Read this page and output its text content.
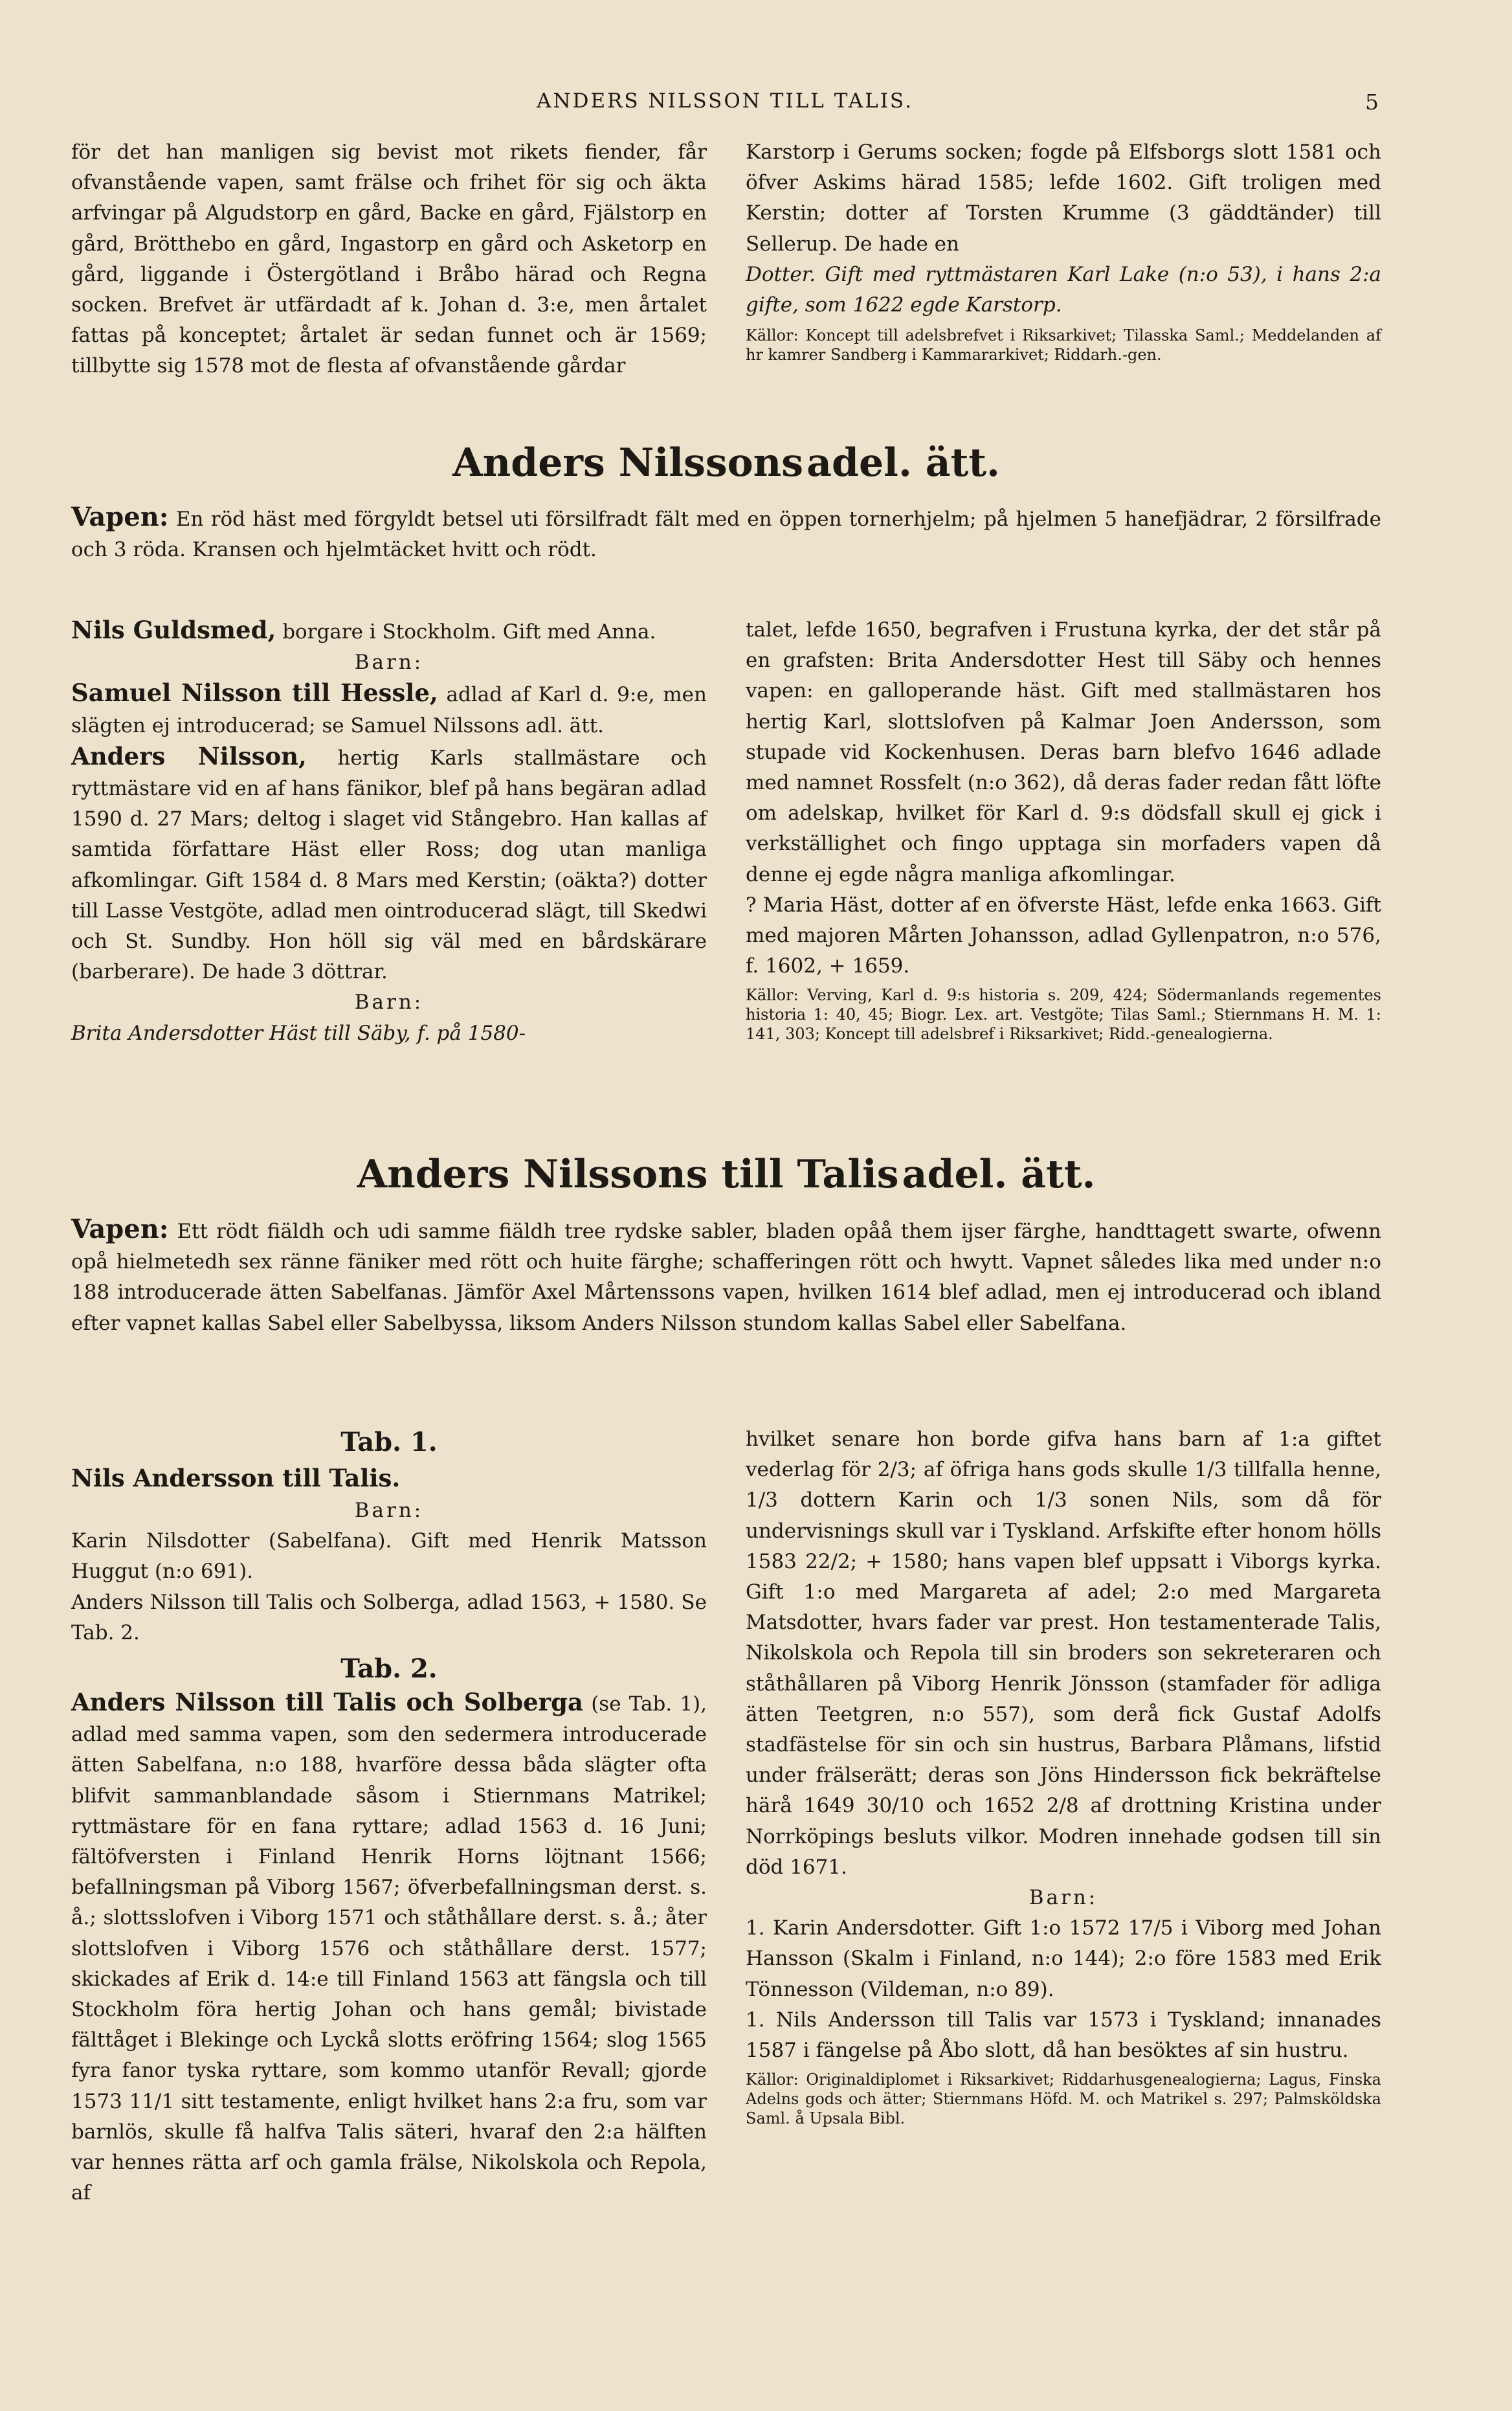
ANDERS NILSSON TILL TALIS.	5

för det han manligen sig bevist mot rikets fiender, får ofvanstående vapen, samt frälse och frihet för sig och äkta arfvingar på Algudstorp en gård, Backe en gård, Fjälstorp en gård, Brötthebo en gård, Ingastorp en gård och Asketorp en gård, liggande i Östergötland i Bråbo härad och Regna socken. Brefvet är utfärdadt af k. Johan d. 3:e, men årtalet fattas på konceptet; årtalet är sedan funnet och är 1569; tillbytte sig 1578 mot de flesta af ofvanstående gårdar

Karstorp i Gerums socken; fogde på Elfsborgs slott 1581 och öfver Askims härad 1585; lefde 1602. Gift troligen med Kerstin; dotter af Torsten Krumme (3 gäddtänder) till Sellerup. De hade en

Dotter. Gift med ryttmästaren Karl Lake (n:o 53), i hans 2:a gifte, som 1622 egde Karstorp.

Källor: Koncept till adelsbrefvet i Riksarkivet; Tilasska Saml.; Meddelanden af hr kamrer Sandberg i Kammararkivet; Riddarh.-gen.

Anders Nilssons adel. ätt.

Vapen: En röd häst med förgyldt betsel uti försilfradt fält med en öppen tornerhjelm; på hjelmen 5 hanefjädrar, 2 försilfrade och 3 röda. Kransen och hjelmtäcket hvitt och rödt.

Nils Guldsmed, borgare i Stockholm. Gift med Anna.

Barn:

Samuel Nilsson till Hessle, adlad af Karl d. 9:e, men slägten ej introducerad; se Samuel Nilssons adl. ätt.

Anders Nilsson, hertig Karls stallmästare och ryttmästare vid en af hans fänikor, blef på hans begäran adlad 1590 d. 27 Mars; deltog i slaget vid Stångebro. Han kallas af samtida författare Häst eller Ross; dog utan manliga afkomlingar. Gift 1584 d. 8 Mars med Kerstin; (oäkta?) dotter till Lasse Vestgöte, adlad men ointroducerad slägt, till Skedwi och St. Sundby. Hon höll sig väl med en bårdskärare (barberare). De hade 3 döttrar.

Barn:

Brita Andersdotter Häst till Säby, f. på 1580-

talet, lefde 1650, begrafven i Frustuna kyrka, der det står på en grafsten: Brita Andersdotter Hest till Säby och hennes vapen: en galloperande häst. Gift med stallmästaren hos hertig Karl, slottslofven på Kalmar Joen Andersson, som stupade vid Kockenhusen. Deras barn blefvo 1646 adlade med namnet Rossfelt (n:o 362), då deras fader redan fått löfte om adelskap, hvilket för Karl d. 9:s dödsfall skull ej gick i verkställighet och fingo upptaga sin morfaders vapen då denne ej egde några manliga afkomlingar.

? Maria Häst, dotter af en öfverste Häst, lefde enka 1663. Gift med majoren Mårten Johansson, adlad Gyllenpatron, n:o 576, f. 1602, + 1659.

Källor: Verving, Karl d. 9:s historia s. 209, 424; Södermanlands regementes historia 1: 40, 45; Biogr. Lex. art. Vestgöte; Tilas Saml.; Stiernmans H. M. 1: 141, 303; Koncept till adelsbref i Riksarkivet; Ridd.-genealogierna.

Anders Nilssons till Talis adel. ätt.

Vapen: Ett rödt fiäldh och udi samme fiäldh tree rydske sabler, bladen opåå them ijser färghe, handttagett swarte, ofwenn opå hielmetedh sex ränne fäniker med rött och huite färghe; schafferingen rött och hwytt. Vapnet således lika med under n:o 188 introducerade ätten Sabelfanas. Jämför Axel Mårtenssons vapen, hvilken 1614 blef adlad, men ej introducerad och ibland efter vapnet kallas Sabel eller Sabelbyssa, liksom Anders Nilsson stundom kallas Sabel eller Sabelfana.

Tab. 1.
Nils Andersson till Talis.

Barn:

Karin Nilsdotter (Sabelfana). Gift med Henrik Matsson Huggut (n:o 691).

Anders Nilsson till Talis och Solberga, adlad 1563, + 1580. Se Tab. 2.

Tab. 2.

Anders Nilsson till Talis och Solberga (se Tab. 1), adlad med samma vapen, som den sedermera introducerade ätten Sabelfana, n:o 188, hvarföre dessa båda slägter ofta blifvit sammanblandade såsom i Stiernmans Matrikel; ryttmästare för en fana ryttare; adlad 1563 d. 16 Juni; fältöfversten i Finland Henrik Horns löjtnant 1566; befallningsman på Viborg 1567; öfverbefallningsman derst. s. å.; slottsslofven i Viborg 1571 och ståthållare derst. s. å.; åter slottslofven i Viborg 1576 och ståthållare derst. 1577; skickades af Erik d. 14:e till Finland 1563 att fängsla och till Stockholm föra hertig Johan och hans gemål; bivistade fälttåget i Blekinge och Lyckå slotts eröfring 1564; slog 1565 fyra fanor tyska ryttare, som kommo utanför Revall; gjorde 1573 11/1 sitt testamente, enligt hvilket hans 2:a fru, som var barnlös, skulle få halfva Talis säteri, hvaraf den 2:a hälften var hennes rätta arf och gamla frälse, Nikolskola och Repola, af

hvilket senare hon borde gifva hans barn af 1:a giftet vederlag för 2/3; af öfriga hans gods skulle 1/3 tillfalla henne, 1/3 dottern Karin och 1/3 sonen Nils, som då för undervisnings skull var i Tyskland. Arfskifte efter honom hölls 1583 22/2; + 1580; hans vapen blef uppsatt i Viborgs kyrka. Gift 1:o med Margareta af adel; 2:o med Margareta Matsdotter, hvars fader var prest. Hon testamenterade Talis, Nikolskola och Repola till sin broders son sekreteraren och ståthållaren på Viborg Henrik Jönsson (stamfader för adliga ätten Teetgren, n:o 557), som derå fick Gustaf Adolfs stadfästelse för sin och sin hustrus, Barbara Plåmans, lifstid under frälserätt; deras son Jöns Hindersson fick bekräftelse härå 1649 30/10 och 1652 2/8 af drottning Kristina under Norrköpings besluts vilkor. Modren innehade godsen till sin död 1671.

Barn:

1. Karin Andersdotter. Gift 1:o 1572 17/5 i Viborg med Johan Hansson (Skalm i Finland, n:o 144); 2:o före 1583 med Erik Tönnesson (Vildeman, n:o 89).

1. Nils Andersson till Talis var 1573 i Tyskland; innanades 1587 i fängelse på Åbo slott, då han besöktes af sin hustru.

Källor: Originaldiplomet i Riksarkivet; Riddarhusgenealogierna; Lagus, Finska Adelns gods och ätter; Stiernmans Höfd. M. och Matrikel s. 297; Palmsköldska Saml. å Upsala Bibl.
